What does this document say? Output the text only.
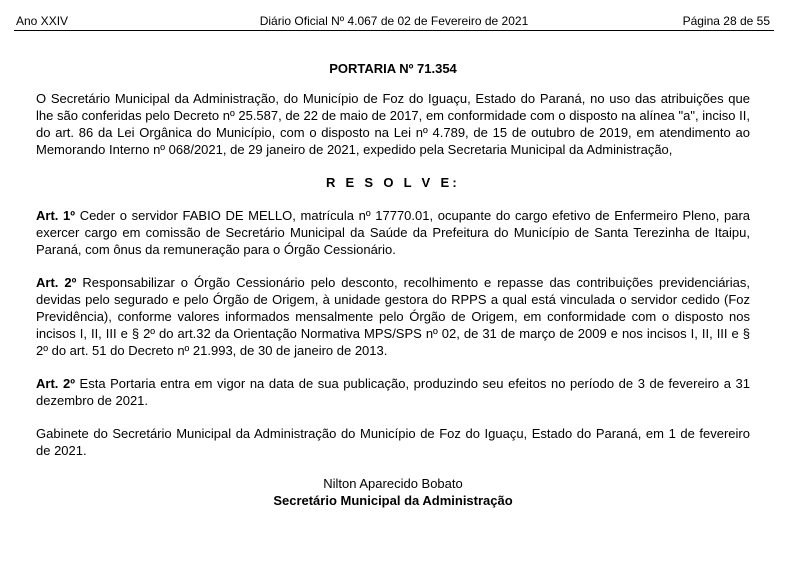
Ano XXIV	Diário Oficial Nº 4.067 de 02 de Fevereiro de 2021	Página 28 de 55
PORTARIA Nº 71.354
O Secretário Municipal da Administração, do Município de Foz do Iguaçu, Estado do Paraná, no uso das atribuições que lhe são conferidas pelo Decreto nº 25.587, de 22 de maio de 2017, em conformidade com o disposto na alínea "a", inciso II, do art. 86 da Lei Orgânica do Município, com o disposto na Lei nº 4.789, de 15 de outubro de 2019, em atendimento ao Memorando Interno nº 068/2021, de 29 janeiro de 2021, expedido pela Secretaria Municipal da Administração,
R E S O L V E:
Art. 1º Ceder o servidor FABIO DE MELLO, matrícula nº 17770.01, ocupante do cargo efetivo de Enfermeiro Pleno, para exercer cargo em comissão de Secretário Municipal da Saúde da Prefeitura do Município de Santa Terezinha de Itaipu, Paraná, com ônus da remuneração para o Órgão Cessionário.
Art. 2º Responsabilizar o Órgão Cessionário pelo desconto, recolhimento e repasse das contribuições previdenciárias, devidas pelo segurado e pelo Órgão de Origem, à unidade gestora do RPPS a qual está vinculada o servidor cedido (Foz Previdência), conforme valores informados mensalmente pelo Órgão de Origem, em conformidade com o disposto nos incisos I, II, III e § 2º do art.32 da Orientação Normativa MPS/SPS nº 02, de 31 de março de 2009 e nos incisos I, II, III e § 2º do art. 51 do Decreto nº 21.993, de 30 de janeiro de 2013.
Art. 2º Esta Portaria entra em vigor na data de sua publicação, produzindo seu efeitos no período de 3 de fevereiro a 31 dezembro de 2021.
Gabinete do Secretário Municipal da Administração do Município de Foz do Iguaçu, Estado do Paraná, em 1 de fevereiro de 2021.
Nilton Aparecido Bobato
Secretário Municipal da Administração
